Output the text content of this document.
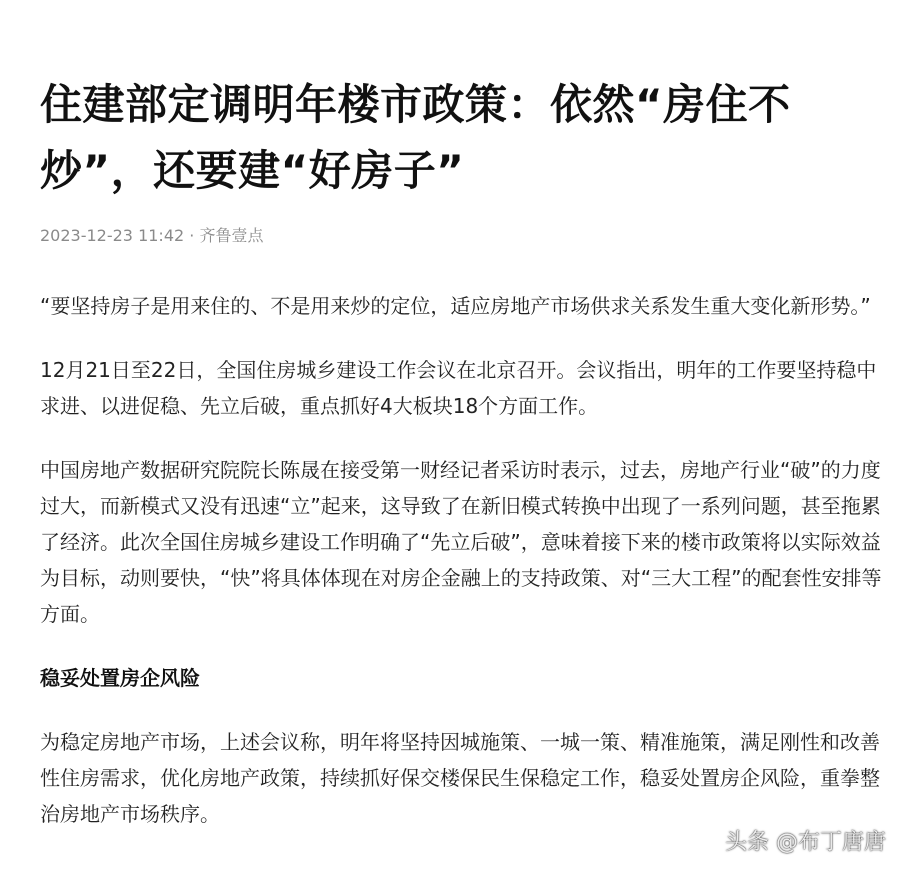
住建部定调明年楼市政策：依然“房住不炒”，还要建“好房子”
2023-12-23 11:42 · 齐鲁壹点

“要坚持房子是用来住的、不是用来炒的定位，适应房地产市场供求关系发生重大变化新形势。”

12月21日至22日，全国住房城乡建设工作会议在北京召开。会议指出，明年的工作要坚持稳中求进、以进促稳、先立后破，重点抓好4大板块18个方面工作。

中国房地产数据研究院院长陈晟在接受第一财经记者采访时表示，过去，房地产行业“破”的力度过大，而新模式又没有迅速“立”起来，这导致了在新旧模式转换中出现了一系列问题，甚至拖累了经济。此次全国住房城乡建设工作明确了“先立后破”，意味着接下来的楼市政策将以实际效益为目标，动则要快，“快”将具体体现在对房企金融上的支持政策、对“三大工程”的配套性安排等方面。

稳妥处置房企风险

为稳定房地产市场，上述会议称，明年将坚持因城施策、一城一策、精准施策，满足刚性和改善性住房需求，优化房地产政策，持续抓好保交楼保民生保稳定工作，稳妥处置房企风险，重拳整治房地产市场秩序。

头条 @布丁唐唐
